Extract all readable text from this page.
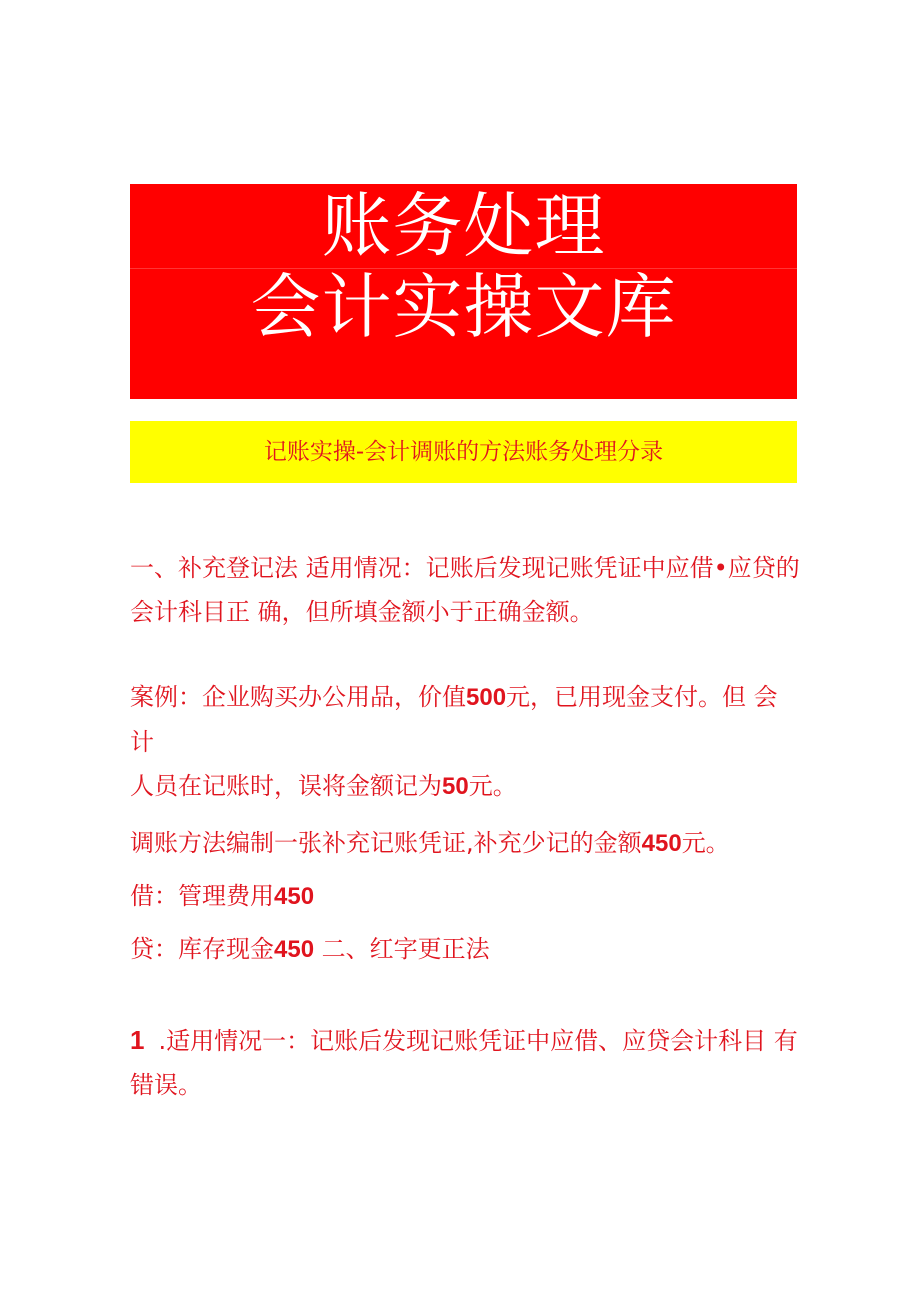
账务处理
会计实操文库
记账实操-会计调账的方法账务处理分录

一、补充登记法 适用情况：记账后发现记账凭证中应借•应贷的

会计科目正 确，但所填金额小于正确金额。

案例：企业购买办公用品，价值500元，已用现金支付。但 会计

人员在记账时，误将金额记为50元。

调账方法编制一张补充记账凭证,补充少记的金额450元。

借：管理费用450

贷：库存现金450 二、红字更正法

1 .适用情况一：记账后发现记账凭证中应借、应贷会计科目 有

错误。
